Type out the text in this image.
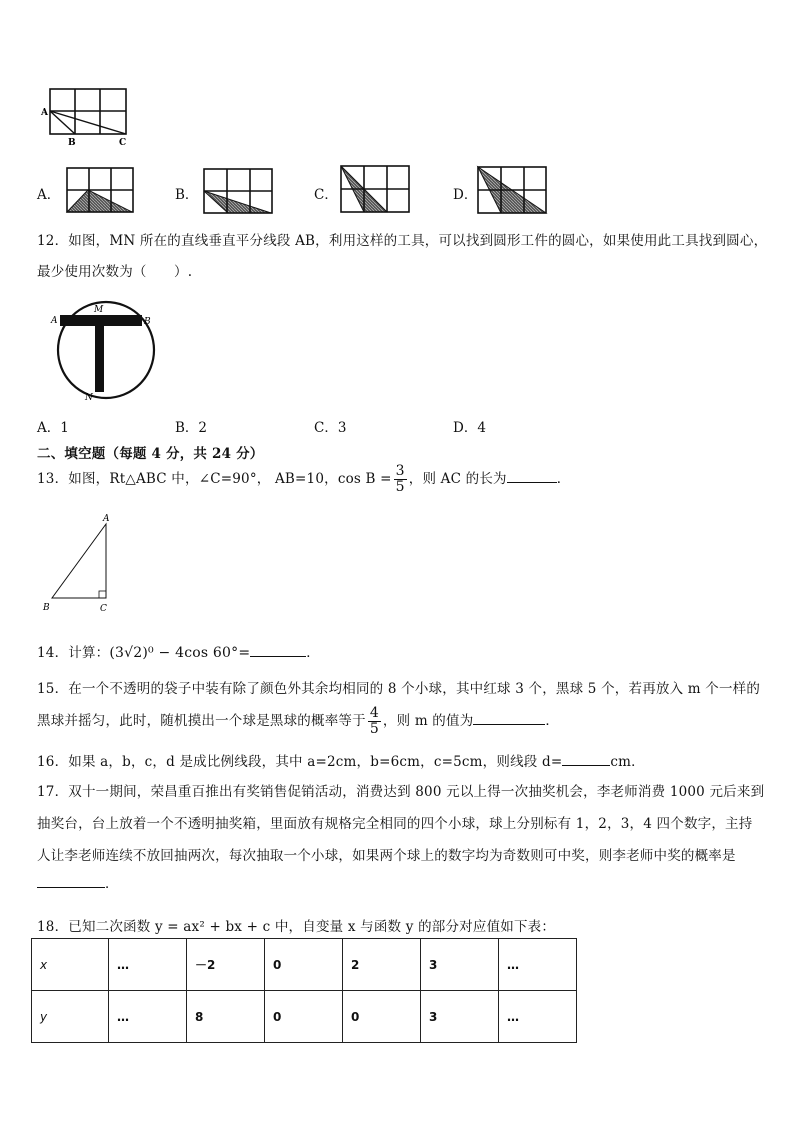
A
B	C
A．	B．	C．	D．
12．如图，MN 所在的直线垂直平分线段 AB，利用这样的工具，可以找到圆形工件的圆心，如果使用此工具找到圆心，
最少使用次数为（　　）.
A
M
B
N
A．1	B．2	C．3	D．4
二、填空题（每题 4 分，共 24 分）
13．如图，Rt△ABC 中，∠C=90°， AB=10，$\cos B = \frac{3}{5}$ ，则 AC 的长为	．
A
B	C
14．计算：(3√2)⁰ − 4cos 60°=	．
15．在一个不透明的袋子中装有除了颜色外其余均相同的 8 个小球，其中红球 3 个，黑球 5 个，若再放入 m 个一样的
黑球并摇匀，此时，随机摸出一个球是黑球的概率等于 $\frac{4}{5}$ ，则 m 的值为	．
16．如果 a，b，c，d 是成比例线段，其中 a=2cm，b=6cm，c=5cm，则线段 d=	cm．
17．双十一期间，荣昌重百推出有奖销售促销活动，消费达到 800 元以上得一次抽奖机会，李老师消费 1000 元后来到
抽奖台，台上放着一个不透明抽奖箱，里面放有规格完全相同的四个小球，球上分别标有 1，2，3，4 四个数字，主持
人让李老师连续不放回抽两次，每次抽取一个小球，如果两个球上的数字均为奇数则可中奖，则李老师中奖的概率是
．
18．已知二次函数 y = ax² + bx + c 中，自变量 x 与函数 y 的部分对应值如下表：
x	…	－2	0	2	3	…
y	…	8	0	0	3	…
